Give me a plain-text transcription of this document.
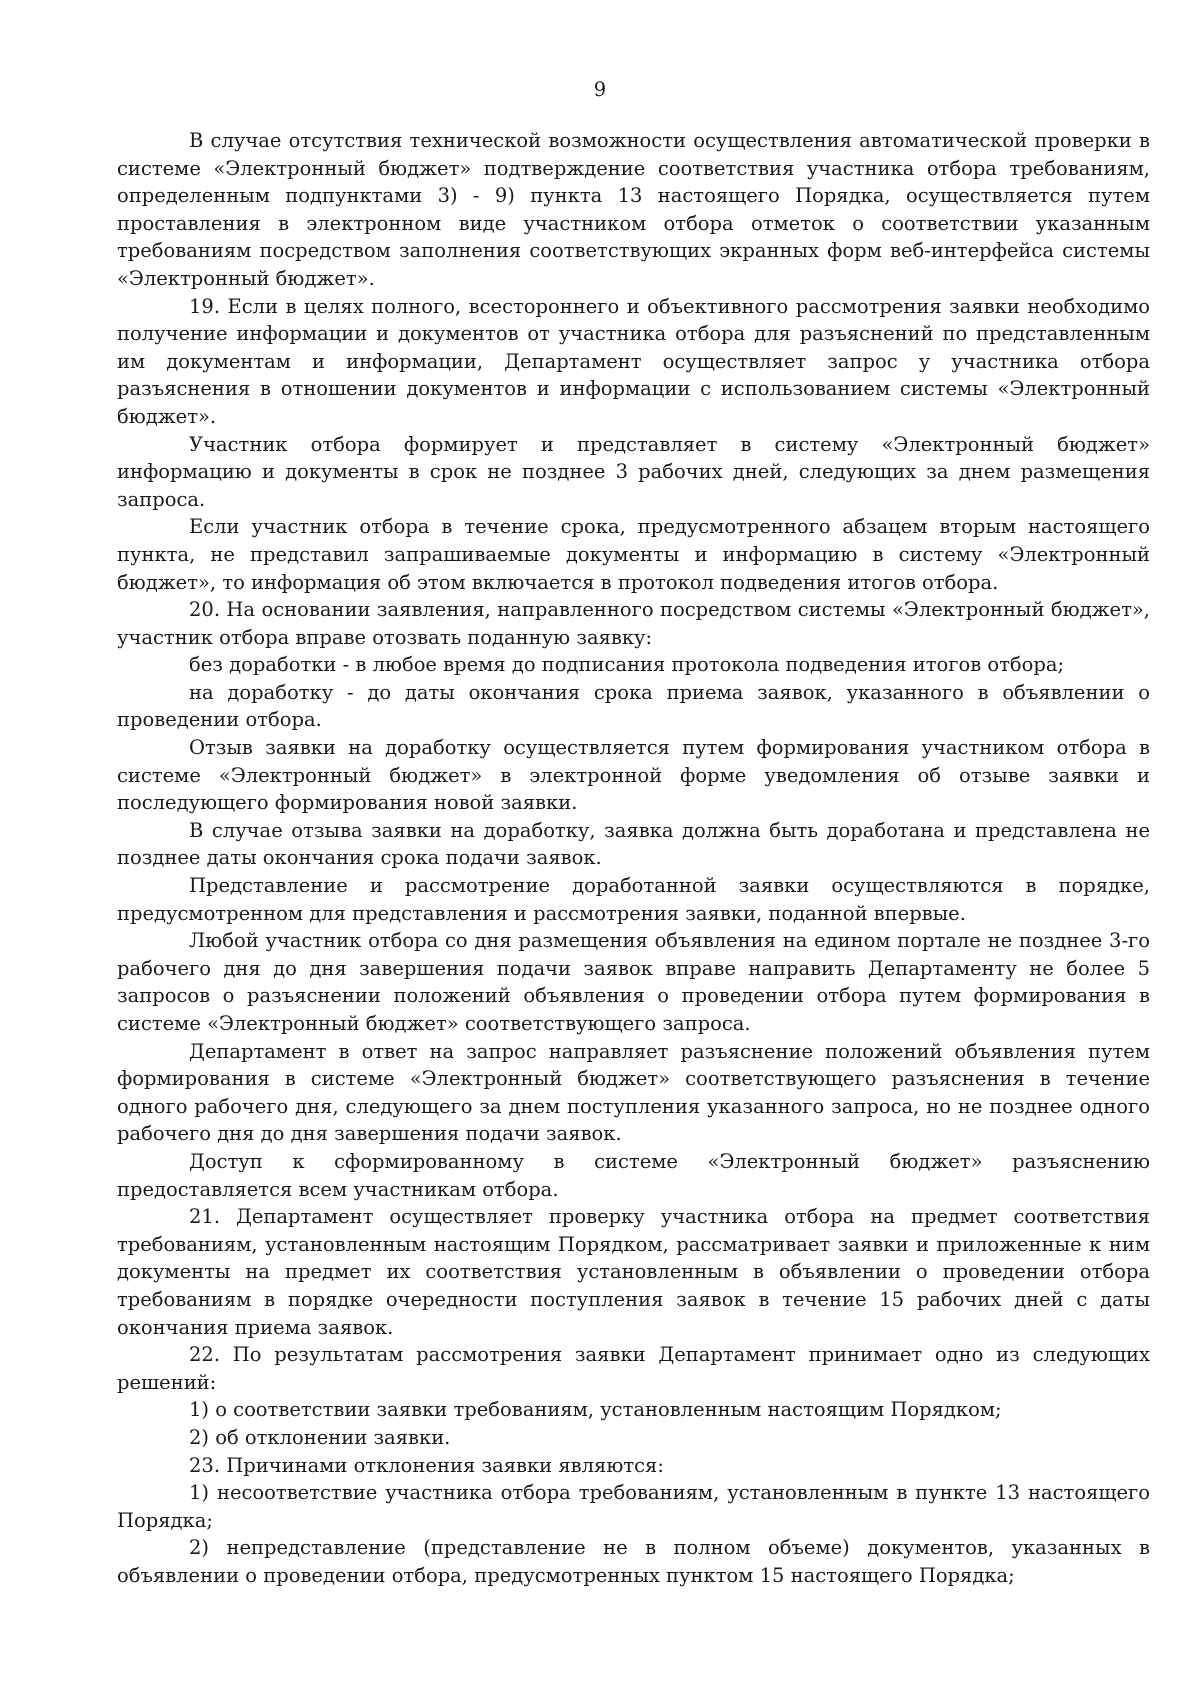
9

В случае отсутствия технической возможности осуществления автоматической проверки в системе «Электронный бюджет» подтверждение соответствия участника отбора требованиям, определенным подпунктами 3) - 9) пункта 13 настоящего Порядка, осуществляется путем проставления в электронном виде участником отбора отметок о соответствии указанным требованиям посредством заполнения соответствующих экранных форм веб-интерфейса системы «Электронный бюджет».

19. Если в целях полного, всестороннего и объективного рассмотрения заявки необходимо получение информации и документов от участника отбора для разъяснений по представленным им документам и информации, Департамент осуществляет запрос у участника отбора разъяснения в отношении документов и информации с использованием системы «Электронный бюджет».

Участник отбора формирует и представляет в систему «Электронный бюджет» информацию и документы в срок не позднее 3 рабочих дней, следующих за днем размещения запроса.

Если участник отбора в течение срока, предусмотренного абзацем вторым настоящего пункта, не представил запрашиваемые документы и информацию в систему «Электронный бюджет», то информация об этом включается в протокол подведения итогов отбора.

20. На основании заявления, направленного посредством системы «Электронный бюджет», участник отбора вправе отозвать поданную заявку:

без доработки - в любое время до подписания протокола подведения итогов отбора;

на доработку - до даты окончания срока приема заявок, указанного в объявлении о проведении отбора.

Отзыв заявки на доработку осуществляется путем формирования участником отбора в системе «Электронный бюджет» в электронной форме уведомления об отзыве заявки и последующего формирования новой заявки.

В случае отзыва заявки на доработку, заявка должна быть доработана и представлена не позднее даты окончания срока подачи заявок.

Представление и рассмотрение доработанной заявки осуществляются в порядке, предусмотренном для представления и рассмотрения заявки, поданной впервые.

Любой участник отбора со дня размещения объявления на едином портале не позднее 3-го рабочего дня до дня завершения подачи заявок вправе направить Департаменту не более 5 запросов о разъяснении положений объявления о проведении отбора путем формирования в системе «Электронный бюджет» соответствующего запроса.

Департамент в ответ на запрос направляет разъяснение положений объявления путем формирования в системе «Электронный бюджет» соответствующего разъяснения в течение одного рабочего дня, следующего за днем поступления указанного запроса, но не позднее одного рабочего дня до дня завершения подачи заявок.

Доступ к сформированному в системе «Электронный бюджет» разъяснению предоставляется всем участникам отбора.

21. Департамент осуществляет проверку участника отбора на предмет соответствия требованиям, установленным настоящим Порядком, рассматривает заявки и приложенные к ним документы на предмет их соответствия установленным в объявлении о проведении отбора требованиям в порядке очередности поступления заявок в течение 15 рабочих дней с даты окончания приема заявок.

22. По результатам рассмотрения заявки Департамент принимает одно из следующих решений:

1) о соответствии заявки требованиям, установленным настоящим Порядком;

2) об отклонении заявки.

23. Причинами отклонения заявки являются:

1) несоответствие участника отбора требованиям, установленным в пункте 13 настоящего Порядка;

2) непредставление (представление не в полном объеме) документов, указанных в объявлении о проведении отбора, предусмотренных пунктом 15 настоящего Порядка;
